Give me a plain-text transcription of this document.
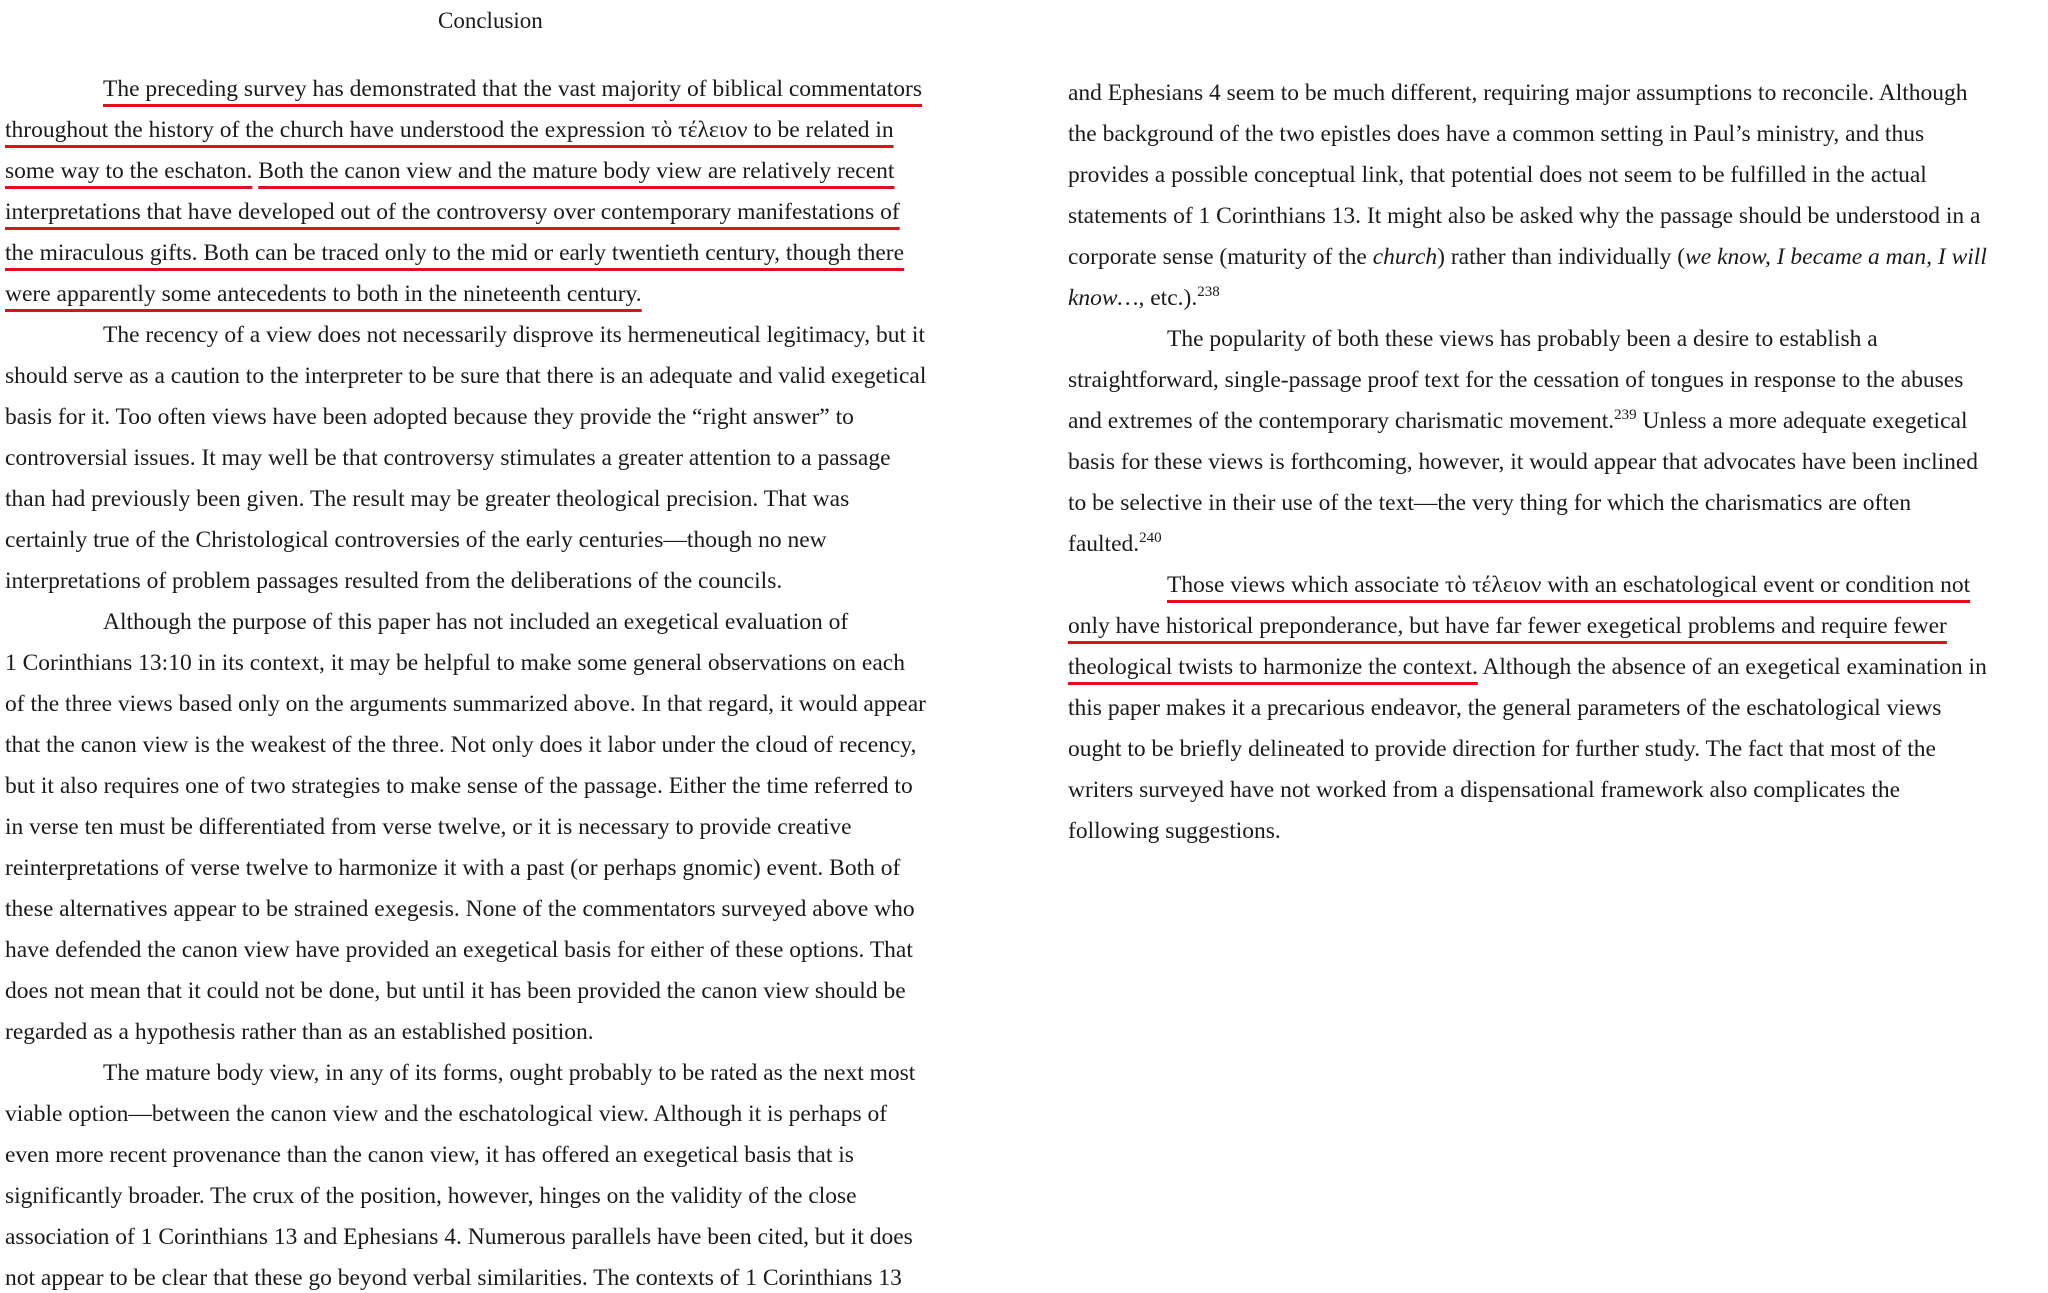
Conclusion
The preceding survey has demonstrated that the vast majority of biblical commentators
throughout the history of the church have understood the expression τὸ τέλειον to be related in
some way to the eschaton. Both the canon view and the mature body view are relatively recent
interpretations that have developed out of the controversy over contemporary manifestations of
the miraculous gifts. Both can be traced only to the mid or early twentieth century, though there
were apparently some antecedents to both in the nineteenth century.
The recency of a view does not necessarily disprove its hermeneutical legitimacy, but it
should serve as a caution to the interpreter to be sure that there is an adequate and valid exegetical
basis for it. Too often views have been adopted because they provide the “right answer” to
controversial issues. It may well be that controversy stimulates a greater attention to a passage
than had previously been given. The result may be greater theological precision. That was
certainly true of the Christological controversies of the early centuries—though no new
interpretations of problem passages resulted from the deliberations of the councils.
Although the purpose of this paper has not included an exegetical evaluation of
1 Corinthians 13:10 in its context, it may be helpful to make some general observations on each
of the three views based only on the arguments summarized above. In that regard, it would appear
that the canon view is the weakest of the three. Not only does it labor under the cloud of recency,
but it also requires one of two strategies to make sense of the passage. Either the time referred to
in verse ten must be differentiated from verse twelve, or it is necessary to provide creative
reinterpretations of verse twelve to harmonize it with a past (or perhaps gnomic) event. Both of
these alternatives appear to be strained exegesis. None of the commentators surveyed above who
have defended the canon view have provided an exegetical basis for either of these options. That
does not mean that it could not be done, but until it has been provided the canon view should be
regarded as a hypothesis rather than as an established position.
The mature body view, in any of its forms, ought probably to be rated as the next most
viable option—between the canon view and the eschatological view. Although it is perhaps of
even more recent provenance than the canon view, it has offered an exegetical basis that is
significantly broader. The crux of the position, however, hinges on the validity of the close
association of 1 Corinthians 13 and Ephesians 4. Numerous parallels have been cited, but it does
not appear to be clear that these go beyond verbal similarities. The contexts of 1 Corinthians 13
and Ephesians 4 seem to be much different, requiring major assumptions to reconcile. Although
the background of the two epistles does have a common setting in Paul’s ministry, and thus
provides a possible conceptual link, that potential does not seem to be fulfilled in the actual
statements of 1 Corinthians 13. It might also be asked why the passage should be understood in a
corporate sense (maturity of the church) rather than individually (we know, I became a man, I will
know…, etc.).$^{238}$
The popularity of both these views has probably been a desire to establish a
straightforward, single-passage proof text for the cessation of tongues in response to the abuses
and extremes of the contemporary charismatic movement.$^{239}$ Unless a more adequate exegetical
basis for these views is forthcoming, however, it would appear that advocates have been inclined
to be selective in their use of the text—the very thing for which the charismatics are often
faulted.$^{240}$
Those views which associate τὸ τέλειον with an eschatological event or condition not
only have historical preponderance, but have far fewer exegetical problems and require fewer
theological twists to harmonize the context. Although the absence of an exegetical examination in
this paper makes it a precarious endeavor, the general parameters of the eschatological views
ought to be briefly delineated to provide direction for further study. The fact that most of the
writers surveyed have not worked from a dispensational framework also complicates the
following suggestions.
